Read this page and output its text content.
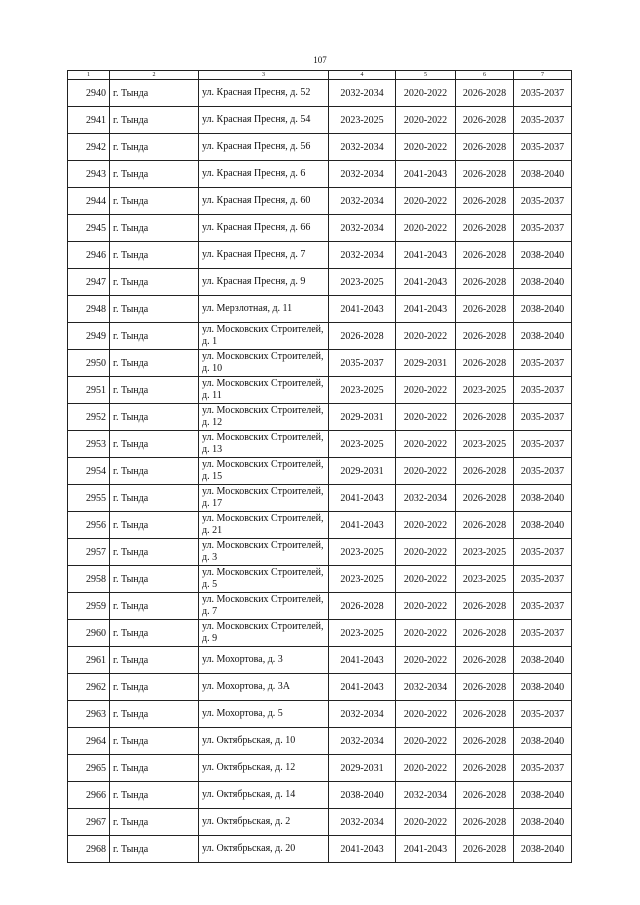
107
1	2	3	4	5	6	7
2940	г. Тында	ул. Красная Пресня, д. 52	2032-2034	2020-2022	2026-2028	2035-2037
2941	г. Тында	ул. Красная Пресня, д. 54	2023-2025	2020-2022	2026-2028	2035-2037
2942	г. Тында	ул. Красная Пресня, д. 56	2032-2034	2020-2022	2026-2028	2035-2037
2943	г. Тында	ул. Красная Пресня, д. 6	2032-2034	2041-2043	2026-2028	2038-2040
2944	г. Тында	ул. Красная Пресня, д. 60	2032-2034	2020-2022	2026-2028	2035-2037
2945	г. Тында	ул. Красная Пресня, д. 66	2032-2034	2020-2022	2026-2028	2035-2037
2946	г. Тында	ул. Красная Пресня, д. 7	2032-2034	2041-2043	2026-2028	2038-2040
2947	г. Тында	ул. Красная Пресня, д. 9	2023-2025	2041-2043	2026-2028	2038-2040
2948	г. Тында	ул. Мерзлотная, д. 11	2041-2043	2041-2043	2026-2028	2038-2040
2949	г. Тында	ул. Московских Строителей, д. 1	2026-2028	2020-2022	2026-2028	2038-2040
2950	г. Тында	ул. Московских Строителей, д. 10	2035-2037	2029-2031	2026-2028	2035-2037
2951	г. Тында	ул. Московских Строителей, д. 11	2023-2025	2020-2022	2023-2025	2035-2037
2952	г. Тында	ул. Московских Строителей, д. 12	2029-2031	2020-2022	2026-2028	2035-2037
2953	г. Тында	ул. Московских Строителей, д. 13	2023-2025	2020-2022	2023-2025	2035-2037
2954	г. Тында	ул. Московских Строителей, д. 15	2029-2031	2020-2022	2026-2028	2035-2037
2955	г. Тында	ул. Московских Строителей, д. 17	2041-2043	2032-2034	2026-2028	2038-2040
2956	г. Тында	ул. Московских Строителей, д. 21	2041-2043	2020-2022	2026-2028	2038-2040
2957	г. Тында	ул. Московских Строителей, д. 3	2023-2025	2020-2022	2023-2025	2035-2037
2958	г. Тында	ул. Московских Строителей, д. 5	2023-2025	2020-2022	2023-2025	2035-2037
2959	г. Тында	ул. Московских Строителей, д. 7	2026-2028	2020-2022	2026-2028	2035-2037
2960	г. Тында	ул. Московских Строителей, д. 9	2023-2025	2020-2022	2026-2028	2035-2037
2961	г. Тында	ул. Мохортова, д. 3	2041-2043	2020-2022	2026-2028	2038-2040
2962	г. Тында	ул. Мохортова, д. 3А	2041-2043	2032-2034	2026-2028	2038-2040
2963	г. Тында	ул. Мохортова, д. 5	2032-2034	2020-2022	2026-2028	2035-2037
2964	г. Тында	ул. Октябрьская, д. 10	2032-2034	2020-2022	2026-2028	2038-2040
2965	г. Тында	ул. Октябрьская, д. 12	2029-2031	2020-2022	2026-2028	2035-2037
2966	г. Тында	ул. Октябрьская, д. 14	2038-2040	2032-2034	2026-2028	2038-2040
2967	г. Тында	ул. Октябрьская, д. 2	2032-2034	2020-2022	2026-2028	2038-2040
2968	г. Тында	ул. Октябрьская, д. 20	2041-2043	2041-2043	2026-2028	2038-2040
